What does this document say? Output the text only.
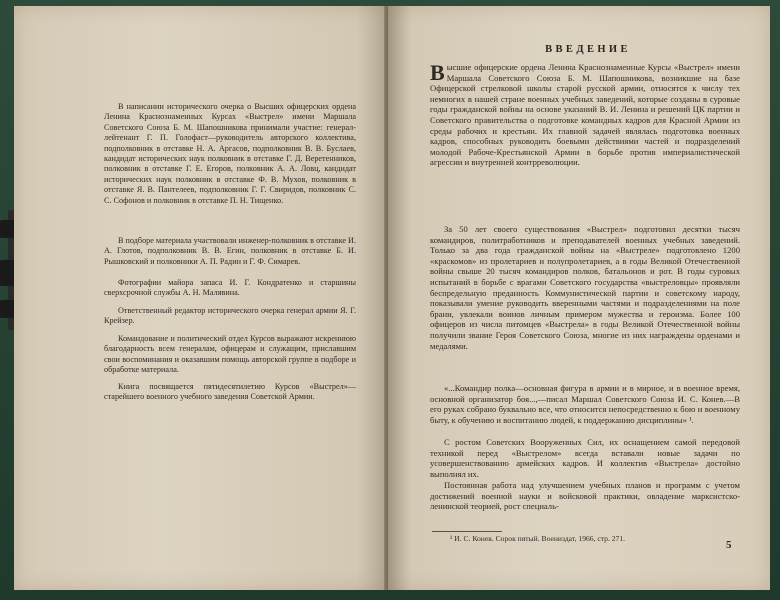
В написании исторического очерка о Высших офицерских ордена Ленина Краснознаменных Курсах «Выстрел» имени Маршала Советского Союза Б. М. Шапошникова принимали участие: генерал-лейтенант Г. П. Голофаст—руководитель авторского коллектива, подполковник в отставке Н. А. Аргасов, подполковник В. В. Буслаев, кандидат исторических наук полковник в отставке Г. Д. Веретенников, полковник в отставке Г. Е. Егоров, полковник А. А. Ловц, кандидат исторических наук полковник в отставке Ф. В. Мухов, полковник в отставке Я. В. Пантелеев, подполковник Г. Г. Свиридов, полковник С. С. Софонов и полковник в отставке П. Н. Тищенко.

В подборе материала участвовали инженер-полковник в отставке И. А. Глотов, подполковник В. В. Егин, полковник в отставке Б. И. Рышковский и полковники А. П. Радин и Г. Ф. Симарев.

Фотографии майора запаса И. Г. Кондратенко и старшины сверхсрочной службы А. Н. Малявина.

Ответственный редактор исторического очерка генерал армии Я. Г. Крейзер.

Командование и политический отдел Курсов выражают искреннюю благодарность всем генералам, офицерам и служащим, приславшим свои воспоминания и оказавшим помощь авторской группе в подборе и обработке материала.

Книга посвящается пятидесятилетию Курсов «Выстрел»—старейшего военного учебного заведения Советской Армии.

ВВЕДЕНИЕ

Высшие офицерские ордена Ленина Краснознаменные Курсы «Выстрел» имени Маршала Советского Союза Б. М. Шапошникова, возникшие на базе Офицерской стрелковой школы старой русской армии, относятся к числу тех немногих в нашей стране военных учебных заведений, которые созданы в суровые годы гражданской войны на основе указаний В. И. Ленина и решений ЦК партии и Советского правительства о подготовке командных кадров для Красной Армии из среды рабочих и крестьян. Их главной задачей являлась подготовка военных кадров, способных руководить боевыми действиями частей и подразделений молодой Рабоче-Крестьянской Армии в борьбе против империалистической агрессии и внутренней контрреволюции.

За 50 лет своего существования «Выстрел» подготовил десятки тысяч командиров, политработников и преподавателей военных учебных заведений. Только за два года гражданской войны на «Выстреле» подготовлено 1200 «краскомов» из пролетариев и полупролетариев, а в годы Великой Отечественной войны свыше 20 тысяч командиров полков, батальонов и рот. В годы суровых испытаний в борьбе с врагами Советского государства «выстреловцы» проявляли беспредельную преданность Коммунистической партии и советскому народу, показывали умение руководить вверенными частями и подразделениями на поле брани, увлекали воинов личным примером мужества и героизма. Более 100 офицеров из числа питомцев «Выстрела» в годы Великой Отечественной войны получили звание Героя Советского Союза, многие из них награждены орденами и медалями.

«...Командир полка—основная фигура в армии и в мирное, и в военное время, основной организатор боя...,—писал Маршал Советского Союза И. С. Конев.—В его руках собрано буквально все, что относится непосредственно к бою и военному быту, к обучению и воспитанию людей, к поддержанию дисциплины» ¹.

С ростом Советских Вооруженных Сил, их оснащением самой передовой техникой перед «Выстрелом» всегда вставали новые задачи по усовершенствованию армейских кадров. И коллектив «Выстрела» достойно выполнял их.

Постоянная работа над улучшением учебных планов и программ с учетом достижений военной науки и войсковой практики, овладение марксистско-ленинской теорией, рост специаль-

¹ И. С. Конев. Сорок пятый. Воениздат, 1966, стр. 271.
5
